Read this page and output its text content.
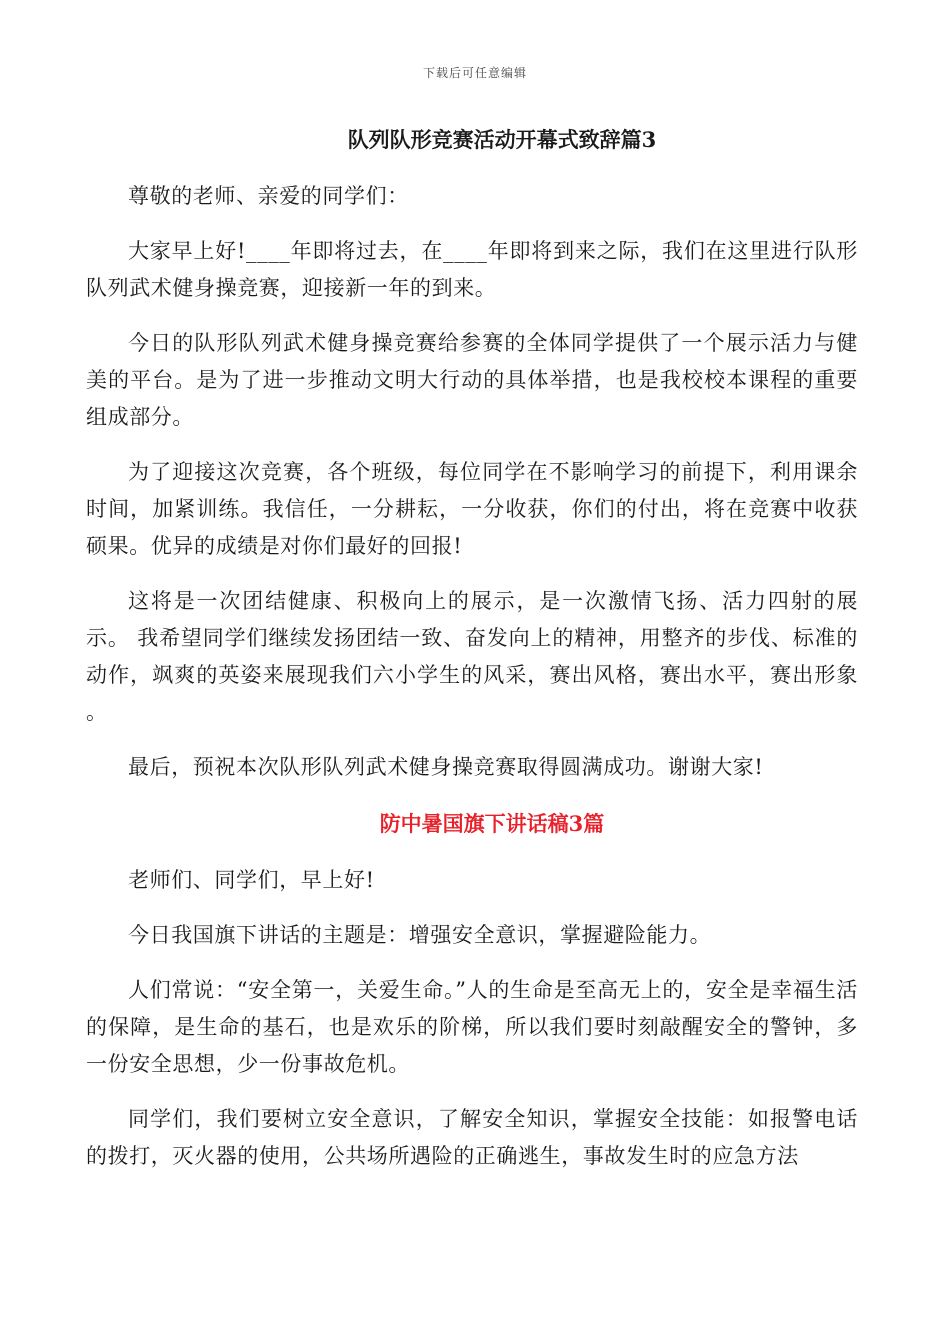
下载后可任意编辑
队列队形竞赛活动开幕式致辞篇3

尊敬的老师、亲爱的同学们：

大家早上好!____年即将过去，在____年即将到来之际，我们在这里进行队形队列武术健身操竞赛，迎接新一年的到来。

今日的队形队列武术健身操竞赛给参赛的全体同学提供了一个展示活力与健美的平台。是为了进一步推动文明大行动的具体举措，也是我校校本课程的重要组成部分。

为了迎接这次竞赛，各个班级，每位同学在不影响学习的前提下，利用课余时间，加紧训练。我信任，一分耕耘，一分收获，你们的付出，将在竞赛中收获硕果。优异的成绩是对你们最好的回报!

这将是一次团结健康、积极向上的展示，是一次激情飞扬、活力四射的展示。 我希望同学们继续发扬团结一致、奋发向上的精神，用整齐的步伐、标准的动作，飒爽的英姿来展现我们六小学生的风采，赛出风格，赛出水平，赛出形象 。

最后，预祝本次队形队列武术健身操竞赛取得圆满成功。谢谢大家!

防中暑国旗下讲话稿3篇

老师们、同学们，早上好!

今日我国旗下讲话的主题是：增强安全意识，掌握避险能力。

人们常说：“安全第一，关爱生命。”人的生命是至高无上的，安全是幸福生活的保障，是生命的基石，也是欢乐的阶梯，所以我们要时刻敲醒安全的警钟，多一份安全思想，少一份事故危机。

同学们，我们要树立安全意识，了解安全知识，掌握安全技能：如报警电话的拨打，灭火器的使用，公共场所遇险的正确逃生，事故发生时的应急方法
